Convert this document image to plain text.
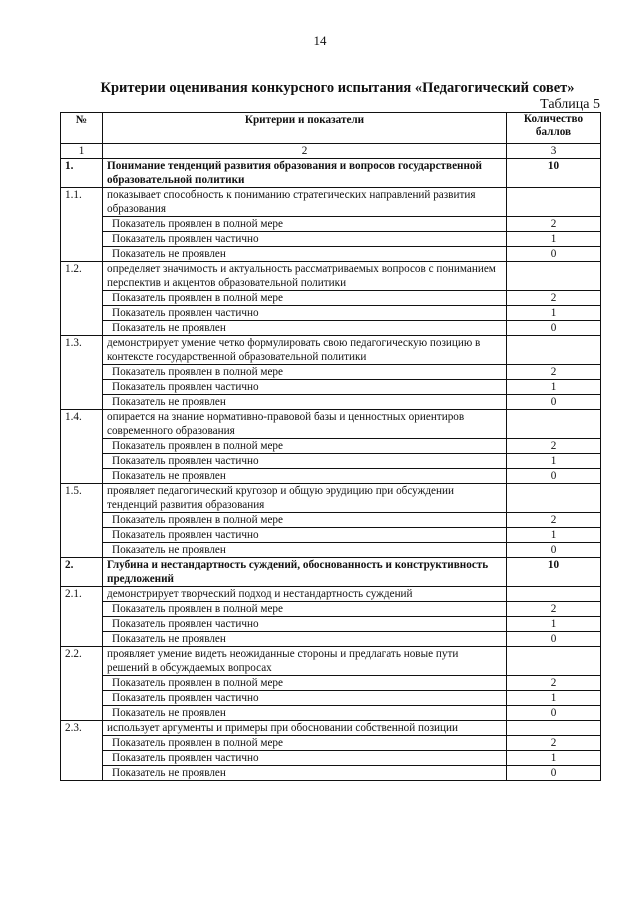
14
Критерии оценивания конкурсного испытания «Педагогический совет»
Таблица 5
№	Критерии и показатели	Количество баллов
1	2	3
1.	Понимание тенденций развития образования и вопросов государственной образовательной политики	10
1.1.	показывает способность к пониманию стратегических направлений развития образования	
	Показатель проявлен в полной мере	2
	Показатель проявлен частично	1
	Показатель не проявлен	0
1.2.	определяет значимость и актуальность рассматриваемых вопросов с пониманием перспектив и акцентов образовательной политики	
	Показатель проявлен в полной мере	2
	Показатель проявлен частично	1
	Показатель не проявлен	0
1.3.	демонстрирует умение четко формулировать свою педагогическую позицию в контексте государственной образовательной политики	
	Показатель проявлен в полной мере	2
	Показатель проявлен частично	1
	Показатель не проявлен	0
1.4.	опирается на знание нормативно-правовой базы и ценностных ориентиров современного образования	
	Показатель проявлен в полной мере	2
	Показатель проявлен частично	1
	Показатель не проявлен	0
1.5.	проявляет педагогический кругозор и общую эрудицию при обсуждении тенденций развития образования	
	Показатель проявлен в полной мере	2
	Показатель проявлен частично	1
	Показатель не проявлен	0
2.	Глубина и нестандартность суждений, обоснованность и конструктивность предложений	10
2.1.	демонстрирует творческий подход и нестандартность суждений	
	Показатель проявлен в полной мере	2
	Показатель проявлен частично	1
	Показатель не проявлен	0
2.2.	проявляет умение видеть неожиданные стороны и предлагать новые пути решений в обсуждаемых вопросах	
	Показатель проявлен в полной мере	2
	Показатель проявлен частично	1
	Показатель не проявлен	0
2.3.	использует аргументы и примеры при обосновании собственной позиции	
	Показатель проявлен в полной мере	2
	Показатель проявлен частично	1
	Показатель не проявлен	0
